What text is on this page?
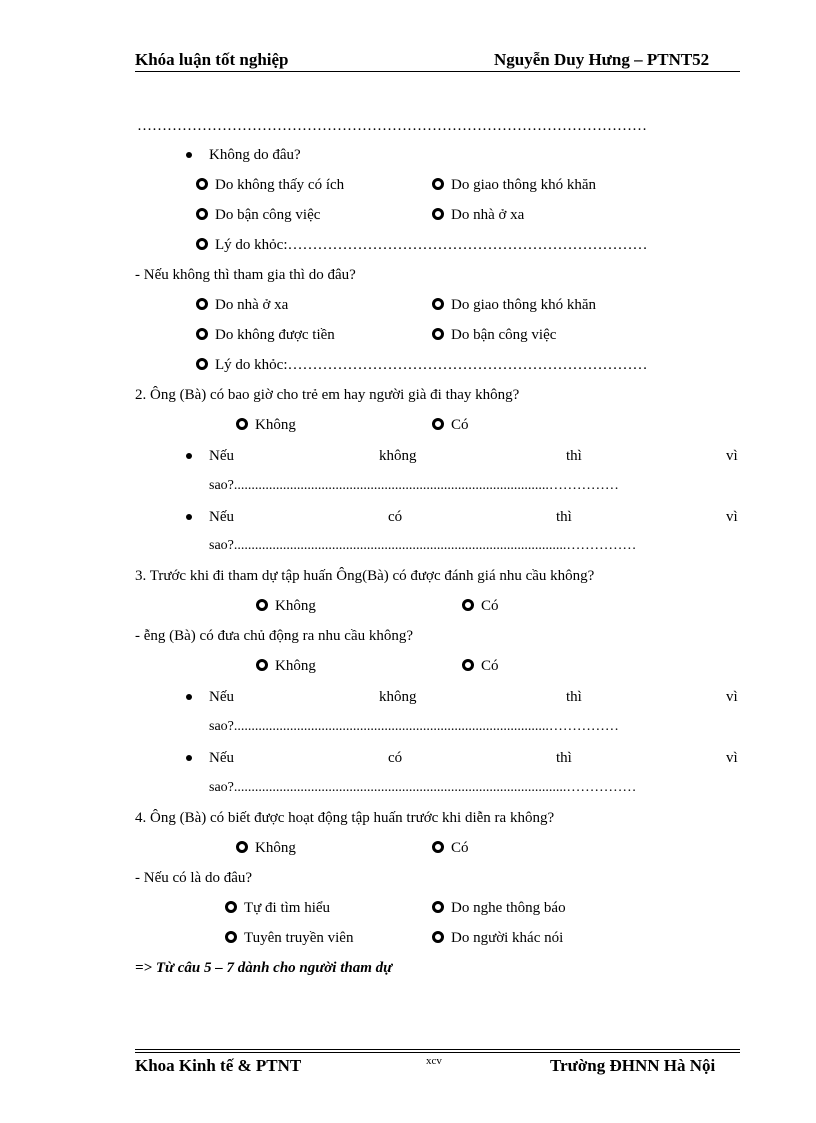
Khóa luận tốt nghiệp	Nguyễn Duy Hưng – PTNT52
…………………………………………………………………………………………
Không do đâu?
Do không thấy có ích	Do giao thông khó khăn
Do bận công việc	Do nhà ở xa
Lý do khỏc:………………………………………………………………
- Nếu không thì tham gia thì do đâu?
Do nhà ở xa	Do giao thông khó khăn
Do không được tiền	Do bận công việc
Lý do khỏc:………………………………………………………………
2. Ông (Bà) có bao giờ cho trẻ em hay người già đi thay không?
Không	Có
Nếu	không	thì	vì
sao?..........................................................................................……………
Nếu	có	thì	vì
sao?...............................................................................................……………
3. Trước khi đi tham dự tập huấn Ông(Bà) có được đánh giá nhu cầu không?
Không	Có
- ễng (Bà) có đưa chủ động ra nhu cầu không?
Không	Có
Nếu	không	thì	vì
sao?..........................................................................................……………
Nếu	có	thì	vì
sao?...............................................................................................……………
4. Ông (Bà) có biết được hoạt động tập huấn trước khi diễn ra không?
Không	Có
- Nếu có là do đâu?
Tự đi tìm hiểu	Do nghe thông báo
Tuyên truyền viên	Do người khác nói
=> Từ câu 5 – 7 dành cho người tham dự
Khoa Kinh tế & PTNT	xcv	Trường ĐHNN Hà Nội
